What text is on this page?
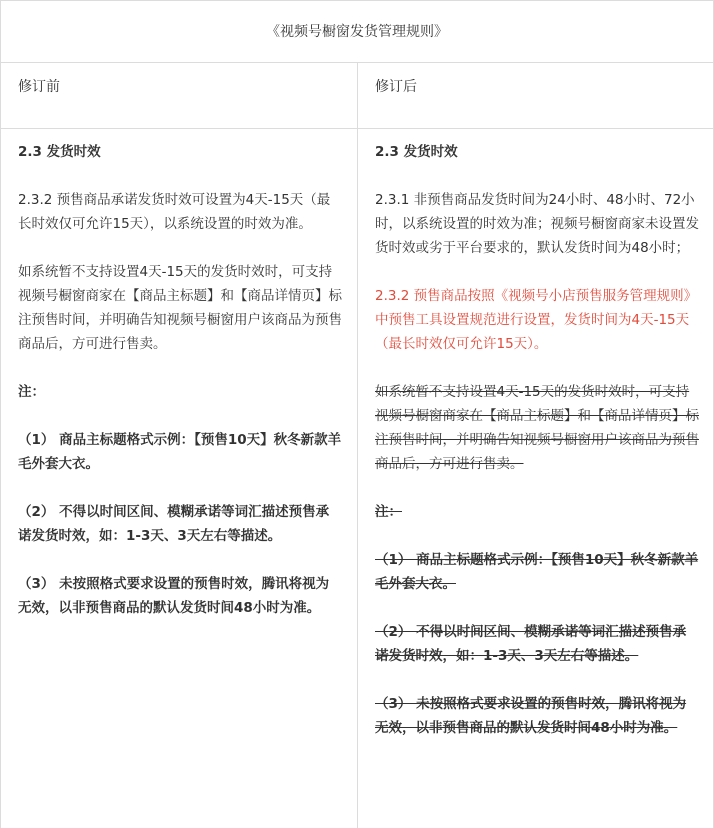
《视频号橱窗发货管理规则》
修订前	修订后

2.3 发货时效

2.3.2 预售商品承诺发货时效可设置为4天-15天（最长时效仅可允许15天），以系统设置的时效为准。

如系统暂不支持设置4天-15天的发货时效时，可支持视频号橱窗商家在【商品主标题】和【商品详情页】标注预售时间，并明确告知视频号橱窗用户该商品为预售商品后，方可进行售卖。

注：

（1） 商品主标题格式示例：【预售10天】秋冬新款羊毛外套大衣。

（2） 不得以时间区间、模糊承诺等词汇描述预售承诺发货时效，如：1-3天、3天左右等描述。

（3） 未按照格式要求设置的预售时效，腾讯将视为无效，以非预售商品的默认发货时间48小时为准。

2.3 发货时效

2.3.1 非预售商品发货时间为24小时、48小时、72小时，以系统设置的时效为准；视频号橱窗商家未设置发货时效或劣于平台要求的，默认发货时间为48小时；

2.3.2 预售商品按照《视频号小店预售服务管理规则》中预售工具设置规范进行设置，发货时间为4天-15天（最长时效仅可允许15天）。

如系统暂不支持设置4天-15天的发货时效时，可支持视频号橱窗商家在【商品主标题】和【商品详情页】标注预售时间，并明确告知视频号橱窗用户该商品为预售商品后，方可进行售卖。

注：

（1） 商品主标题格式示例：【预售10天】秋冬新款羊毛外套大衣。

（2） 不得以时间区间、模糊承诺等词汇描述预售承诺发货时效，如：1-3天、3天左右等描述。

（3） 未按照格式要求设置的预售时效，腾讯将视为无效，以非预售商品的默认发货时间48小时为准。
